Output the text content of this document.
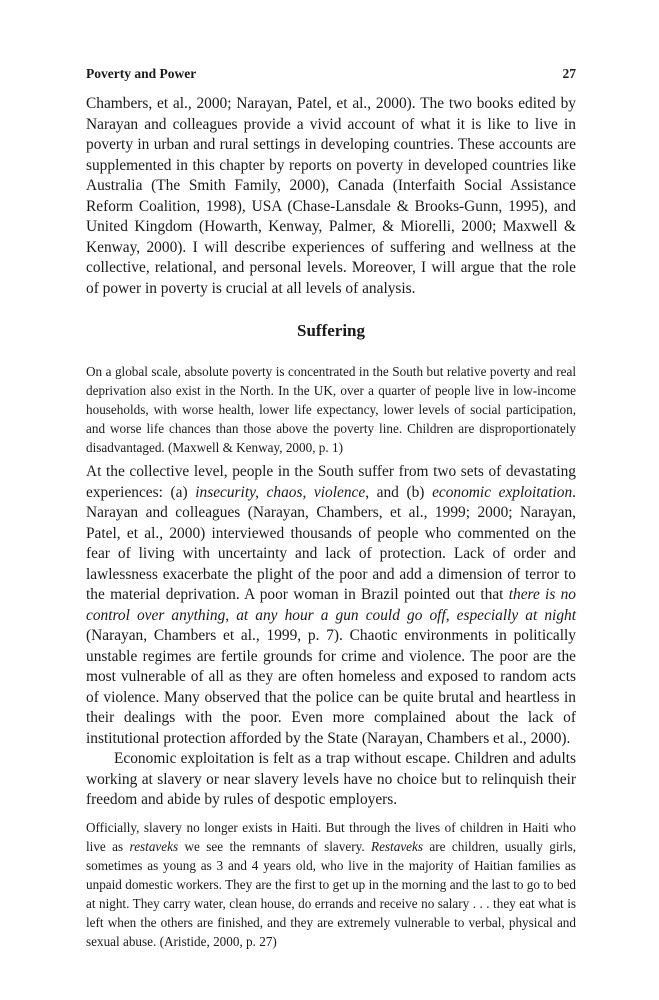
Poverty and Power	27

Chambers, et al., 2000; Narayan, Patel, et al., 2000). The two books edited by Narayan and colleagues provide a vivid account of what it is like to live in poverty in urban and rural settings in developing countries. These accounts are supplemented in this chapter by reports on poverty in developed countries like Australia (The Smith Family, 2000), Canada (Interfaith Social Assistance Reform Coalition, 1998), USA (Chase-Lansdale & Brooks-Gunn, 1995), and United Kingdom (Howarth, Kenway, Palmer, & Miorelli, 2000; Maxwell & Kenway, 2000). I will describe experiences of suffering and wellness at the collective, relational, and personal levels. Moreover, I will argue that the role of power in poverty is crucial at all levels of analysis.

Suffering

On a global scale, absolute poverty is concentrated in the South but relative poverty and real deprivation also exist in the North. In the UK, over a quarter of people live in low-income households, with worse health, lower life expectancy, lower levels of social participation, and worse life chances than those above the poverty line. Children are disproportionately disadvantaged. (Maxwell & Kenway, 2000, p. 1)

At the collective level, people in the South suffer from two sets of devastating experiences: (a) insecurity, chaos, violence, and (b) economic exploitation. Narayan and colleagues (Narayan, Chambers, et al., 1999; 2000; Narayan, Patel, et al., 2000) interviewed thousands of people who commented on the fear of living with uncertainty and lack of protection. Lack of order and lawlessness exacerbate the plight of the poor and add a dimension of terror to the material deprivation. A poor woman in Brazil pointed out that there is no control over anything, at any hour a gun could go off, especially at night (Narayan, Chambers et al., 1999, p. 7). Chaotic environments in politically unstable regimes are fertile grounds for crime and violence. The poor are the most vulnerable of all as they are often homeless and exposed to random acts of violence. Many observed that the police can be quite brutal and heartless in their dealings with the poor. Even more complained about the lack of institutional protection afforded by the State (Narayan, Chambers et al., 2000).

Economic exploitation is felt as a trap without escape. Children and adults working at slavery or near slavery levels have no choice but to relinquish their freedom and abide by rules of despotic employers.

Officially, slavery no longer exists in Haiti. But through the lives of children in Haiti who live as restaveks we see the remnants of slavery. Restaveks are children, usually girls, sometimes as young as 3 and 4 years old, who live in the majority of Haitian families as unpaid domestic workers. They are the first to get up in the morning and the last to go to bed at night. They carry water, clean house, do errands and receive no salary . . . they eat what is left when the others are finished, and they are extremely vulnerable to verbal, physical and sexual abuse. (Aristide, 2000, p. 27)
